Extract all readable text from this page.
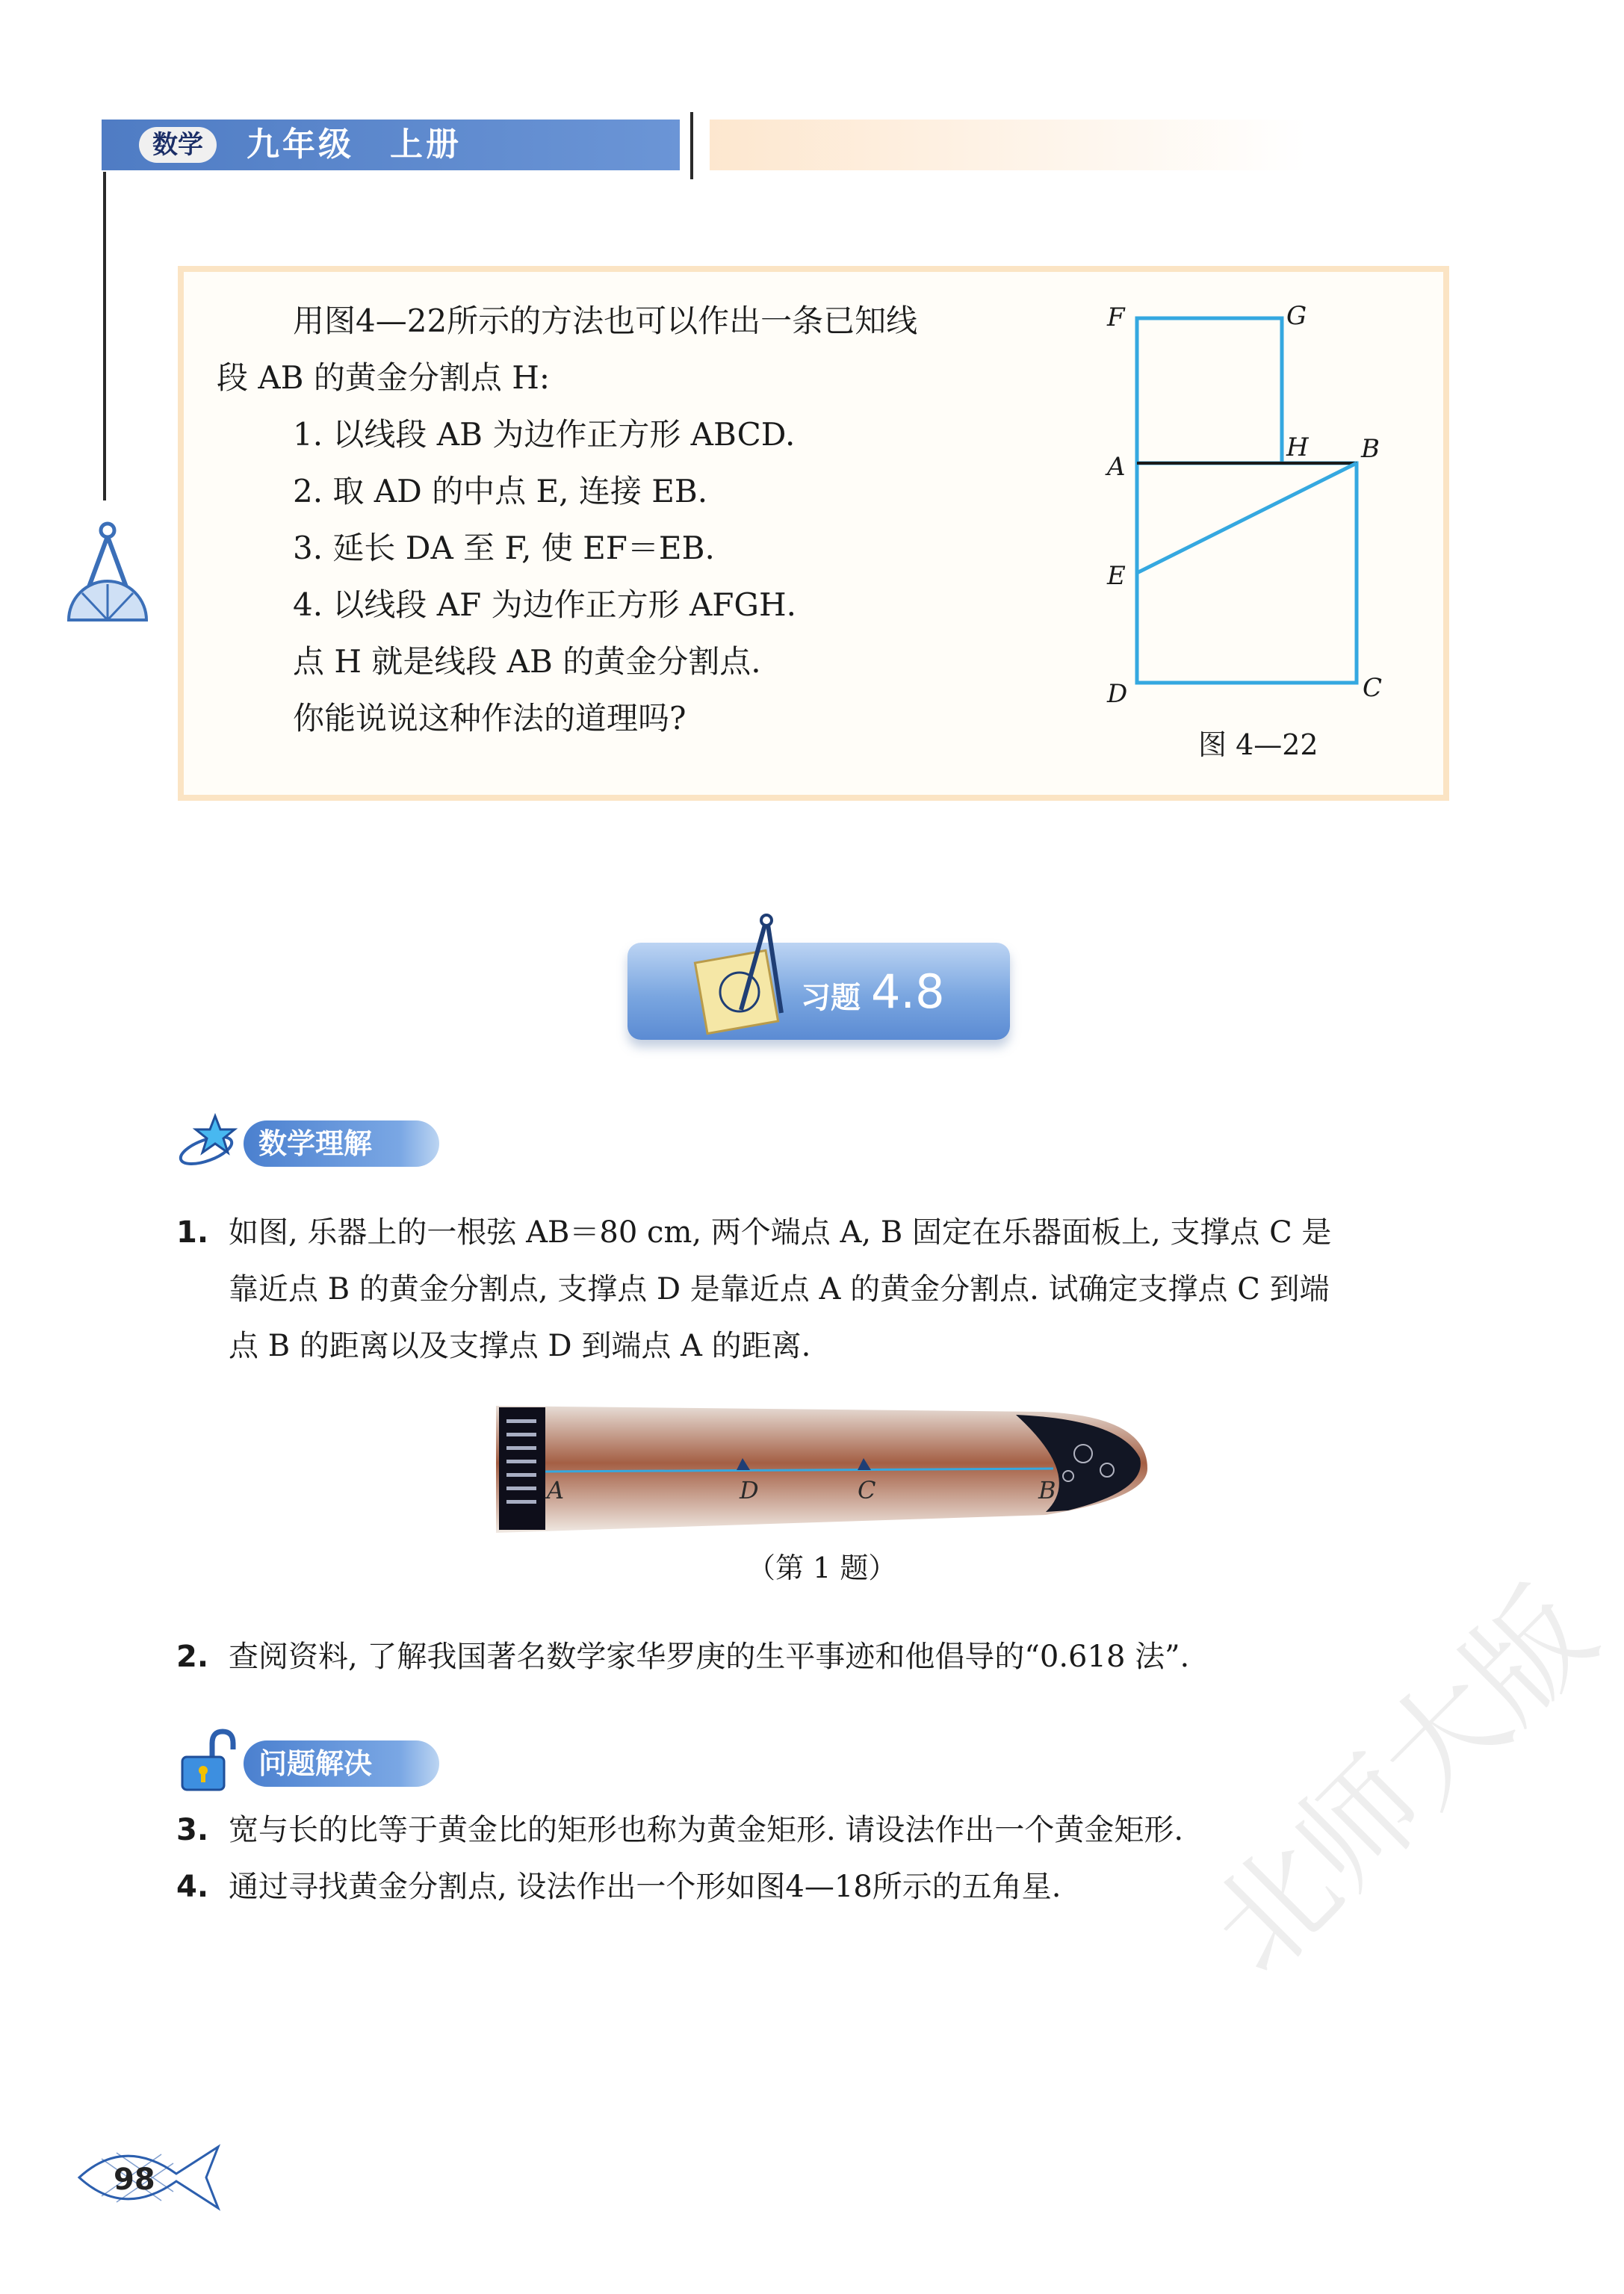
数学	九年级　上册
用图4—22所示的方法也可以作出一条已知线
段 AB 的黄金分割点 H:
1. 以线段 AB 为边作正方形 ABCD.
2. 取 AD 的中点 E, 连接 EB.
3. 延长 DA 至 F, 使 EF＝EB.
4. 以线段 AF 为边作正方形 AFGH.
点 H 就是线段 AB 的黄金分割点.
你能说说这种作法的道理吗?
F	G
A
H B
E
D	C
图 4—22
习题 4.8
数学理解
1. 如图, 乐器上的一根弦 AB＝80 cm, 两个端点 A, B 固定在乐器面板上, 支撑点 C 是
靠近点 B 的黄金分割点, 支撑点 D 是靠近点 A 的黄金分割点. 试确定支撑点 C 到端
点 B 的距离以及支撑点 D 到端点 A 的距离.
A	D	C	B
（第 1 题）
2. 查阅资料, 了解我国著名数学家华罗庚的生平事迹和他倡导的“0.618 法”.
问题解决
3. 宽与长的比等于黄金比的矩形也称为黄金矩形. 请设法作出一个黄金矩形.
4. 通过寻找黄金分割点, 设法作出一个形如图4—18所示的五角星. 北师大版
98
